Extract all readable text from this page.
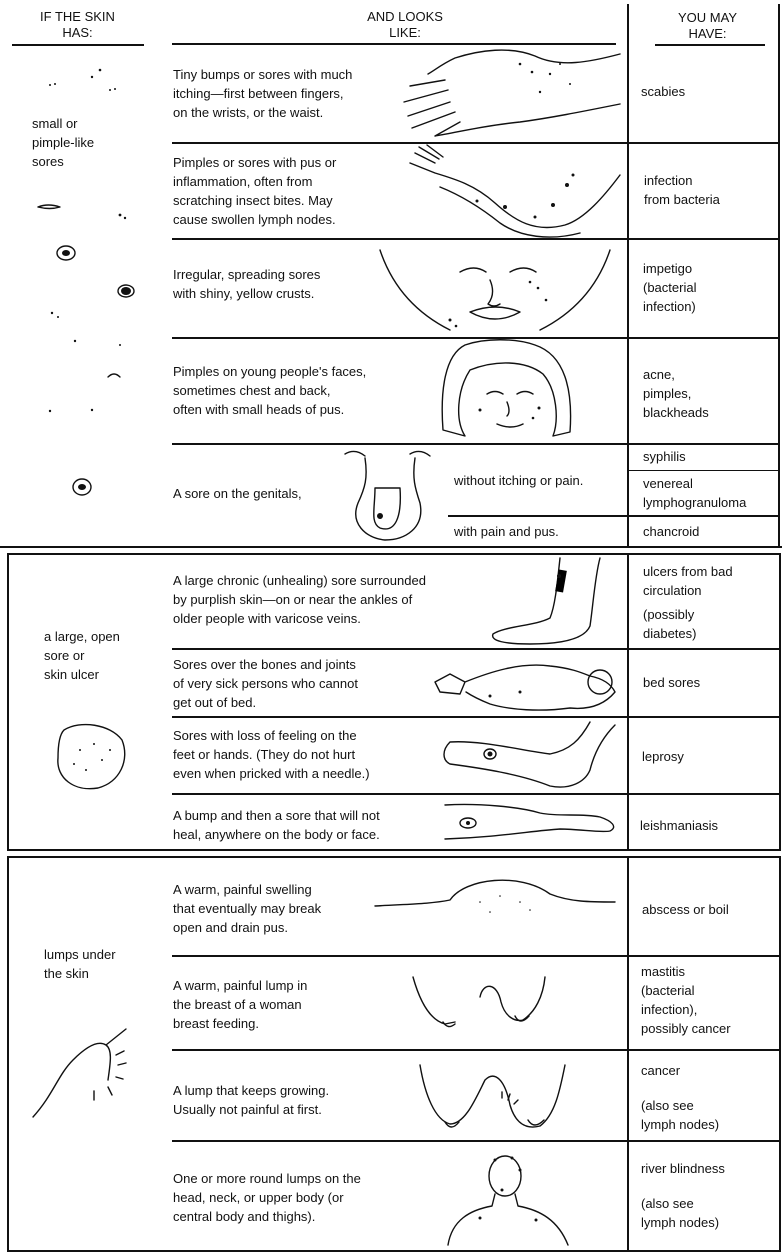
IF THE SKIN
HAS:
AND LOOKS
LIKE:
YOU MAY
HAVE:
small or
pimple-like
sores
Tiny bumps or sores with much
itching—first between fingers,
on the wrists, or the waist.
scabies
Pimples or sores with pus or
inflammation, often from
scratching insect bites. May
cause swollen lymph nodes.
infection
from bacteria
Irregular, spreading sores
with shiny, yellow crusts.
impetigo
(bacterial
infection)
Pimples on young people's faces,
sometimes chest and back,
often with small heads of pus.
acne,
pimples,
blackheads
A sore on the genitals,
without itching or pain.
syphilis
venereal
lymphogranuloma
with pain and pus.	chancroid
a large, open
sore or
skin ulcer
A large chronic (unhealing) sore surrounded
by purplish skin—on or near the ankles of
older people with varicose veins.
ulcers from bad
circulation
(possibly
diabetes)
Sores over the bones and joints
of very sick persons who cannot
get out of bed.
bed sores
Sores with loss of feeling on the
feet or hands. (They do not hurt
even when pricked with a needle.)
leprosy
A bump and then a sore that will not
heal, anywhere on the body or face.
leishmaniasis
lumps under
the skin
A warm, painful swelling
that eventually may break
open and drain pus.
abscess or boil
A warm, painful lump in
the breast of a woman
breast feeding.
mastitis
(bacterial
infection),
possibly cancer
A lump that keeps growing.
Usually not painful at first.
cancer
(also see
lymph nodes)
One or more round lumps on the
head, neck, or upper body (or
central body and thighs).
river blindness
(also see
lymph nodes)
